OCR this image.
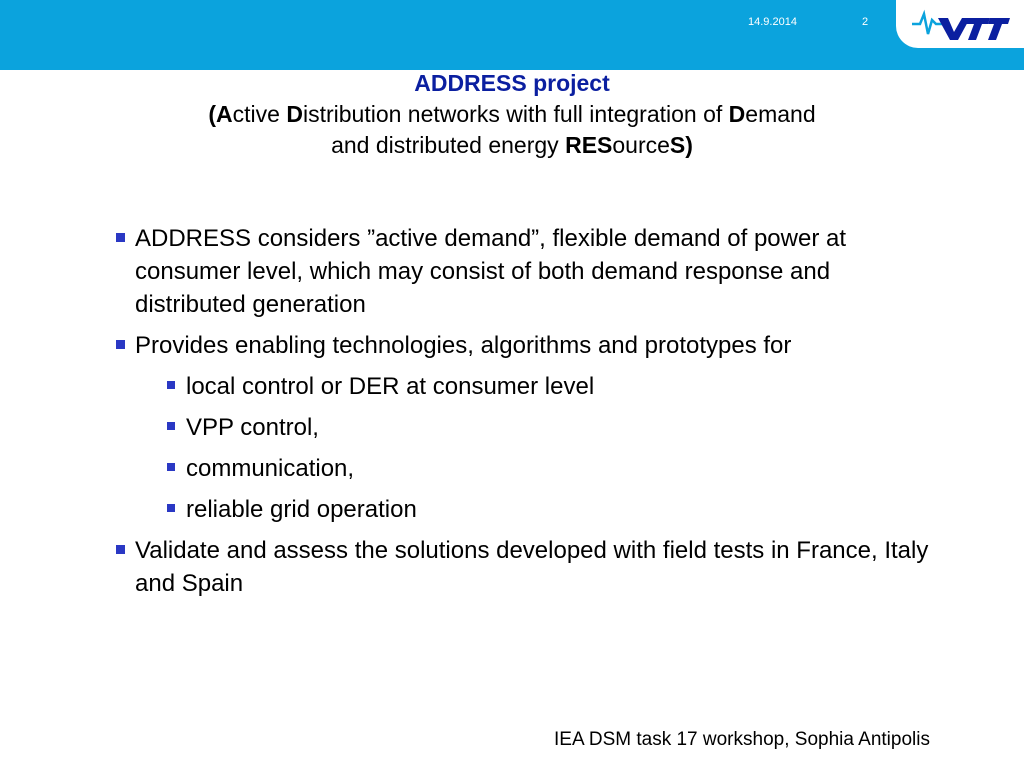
14.9.2014	2
ADDRESS project
(Active Distribution networks with full integration of Demand
and distributed energy RESourceS)
ADDRESS considers ”active demand”, flexible demand of power at consumer level, which may consist of both demand response and distributed generation
Provides enabling technologies, algorithms and prototypes for
local control or DER at consumer level
VPP control,
communication,
reliable grid operation
Validate and assess the solutions developed with field tests in France, Italy and Spain
IEA DSM task 17 workshop, Sophia Antipolis
